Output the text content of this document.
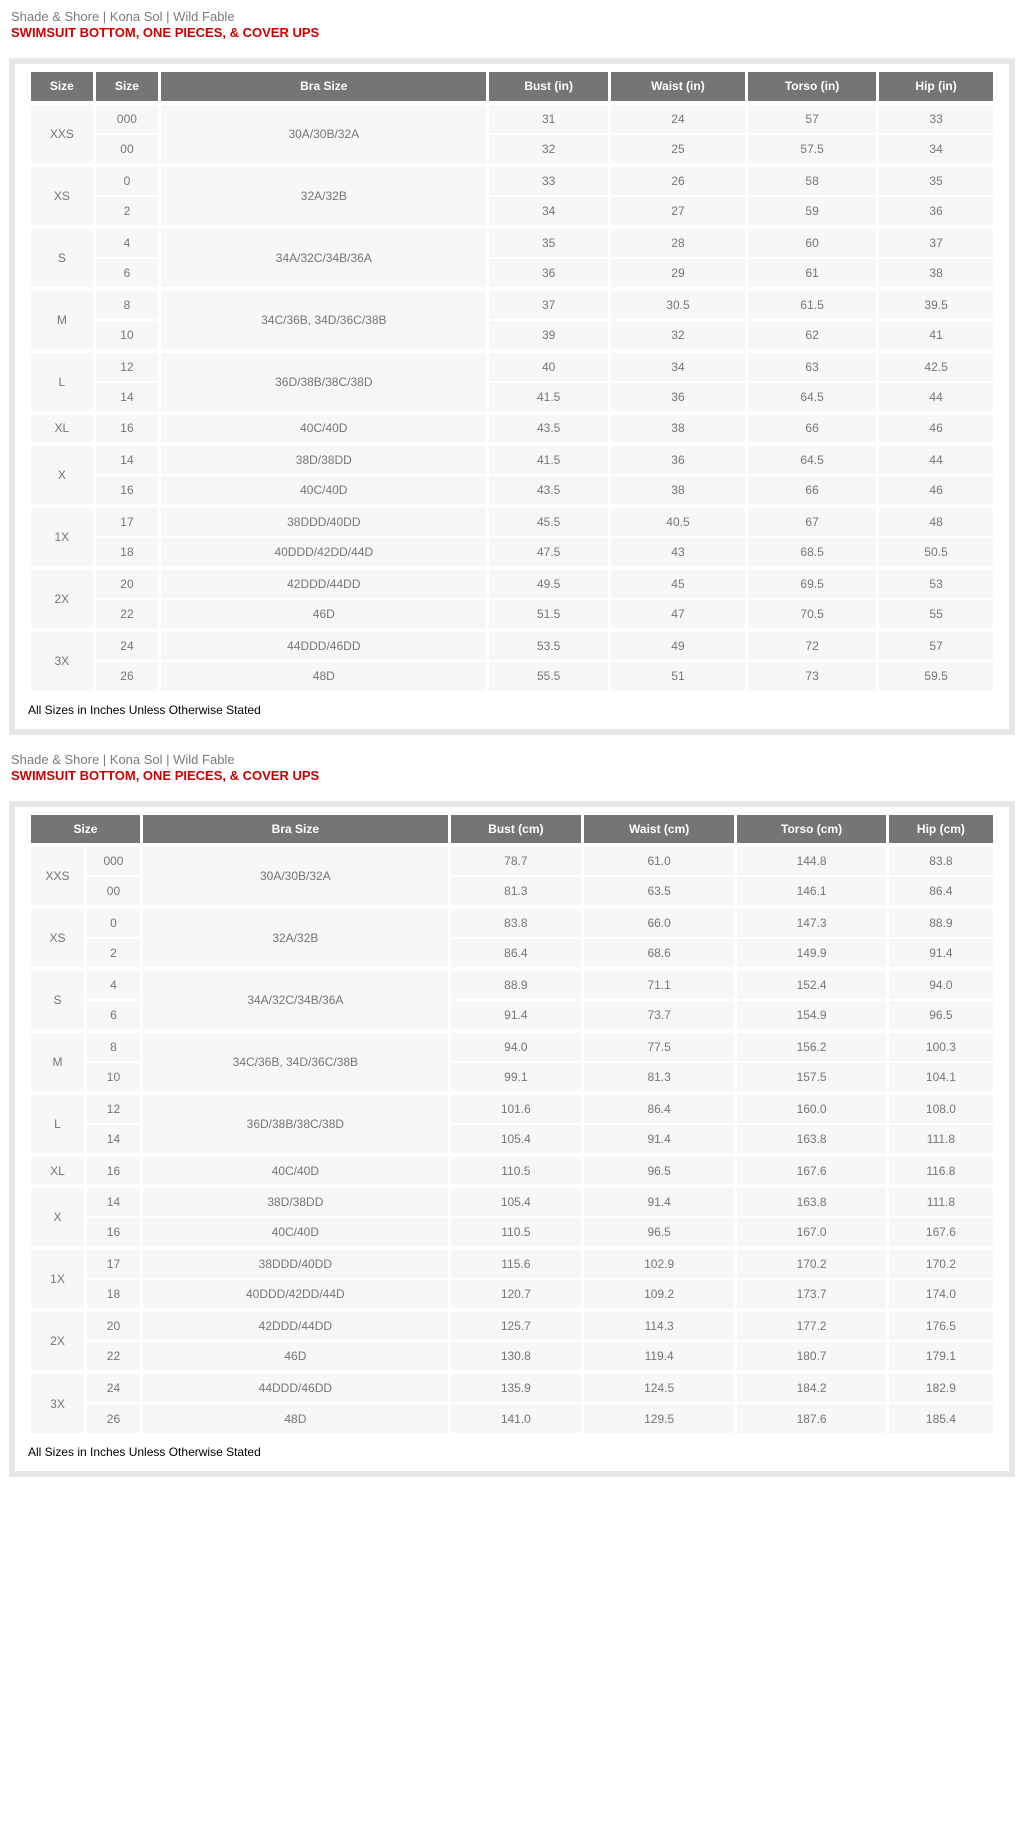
Shade & Shore | Kona Sol | Wild Fable
SWIMSUIT BOTTOM, ONE PIECES, & COVER UPS
Size	Size	Bra Size	Bust (in)	Waist (in)	Torso (in)	Hip (in)
XXS	000	30A/30B/32A	31	24	57	33
	00		32	25	57.5	34
XS	0	32A/32B	33	26	58	35
	2		34	27	59	36
S	4	34A/32C/34B/36A	35	28	60	37
	6		36	29	61	38
M	8	34C/36B, 34D/36C/38B	37	30.5	61.5	39.5
	10		39	32	62	41
L	12	36D/38B/38C/38D	40	34	63	42.5
	14		41.5	36	64.5	44
XL	16	40C/40D	43.5	38	66	46
X	14	38D/38DD	41.5	36	64.5	44
	16	40C/40D	43.5	38	66	46
1X	17	38DDD/40DD	45.5	40.5	67	48
	18	40DDD/42DD/44D	47.5	43	68.5	50.5
2X	20	42DDD/44DD	49.5	45	69.5	53
	22	46D	51.5	47	70.5	55
3X	24	44DDD/46DD	53.5	49	72	57
	26	48D	55.5	51	73	59.5
All Sizes in Inches Unless Otherwise Stated
Shade & Shore | Kona Sol | Wild Fable
SWIMSUIT BOTTOM, ONE PIECES, & COVER UPS
Size		Bra Size	Bust (cm)	Waist (cm)	Torso (cm)	Hip (cm)
XXS	000	30A/30B/32A	78.7	61.0	144.8	83.8
	00		81.3	63.5	146.1	86.4
XS	0	32A/32B	83.8	66.0	147.3	88.9
	2		86.4	68.6	149.9	91.4
S	4	34A/32C/34B/36A	88.9	71.1	152.4	94.0
	6		91.4	73.7	154.9	96.5
M	8	34C/36B, 34D/36C/38B	94.0	77.5	156.2	100.3
	10		99.1	81.3	157.5	104.1
L	12	36D/38B/38C/38D	101.6	86.4	160.0	108.0
	14		105.4	91.4	163.8	111.8
XL	16	40C/40D	110.5	96.5	167.6	116.8
X	14	38D/38DD	105.4	91.4	163.8	111.8
	16	40C/40D	110.5	96.5	167.0	167.6
1X	17	38DDD/40DD	115.6	102.9	170.2	170.2
	18	40DDD/42DD/44D	120.7	109.2	173.7	174.0
2X	20	42DDD/44DD	125.7	114.3	177.2	176.5
	22	46D	130.8	119.4	180.7	179.1
3X	24	44DDD/46DD	135.9	124.5	184.2	182.9
	26	48D	141.0	129.5	187.6	185.4
All Sizes in Inches Unless Otherwise Stated
